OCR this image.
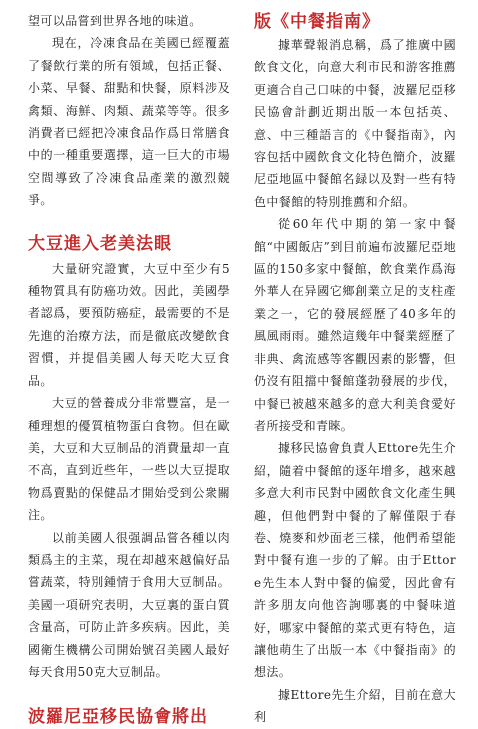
望可以品嘗到世界各地的味道。

現在，冷凍食品在美國已經覆蓋了餐飲行業的所有領域，包括正餐、小菜、早餐、甜點和快餐，原料涉及禽類、海鮮、肉類、蔬菜等等。很多消費者已經把冷凍食品作爲日常膳食中的一種重要選擇，這一巨大的市場空間導致了冷凍食品產業的激烈競爭。

大豆進入老美法眼

大量研究證實，大豆中至少有5種物質具有防癌功效。因此，美國學者認爲，要預防癌症，最需要的不是先進的治療方法，而是徹底改變飲食習慣，并提倡美國人每天吃大豆食品。

大豆的營養成分非常豐富，是一種理想的優質植物蛋白食物。但在歐美，大豆和大豆制品的消費量却一直不高，直到近些年，一些以大豆提取物爲賣點的保健品才開始受到公衆關注。

以前美國人很强調品嘗各種以肉類爲主的主菜，現在却越來越偏好品嘗蔬菜，特別鍾情于食用大豆制品。美國一項研究表明，大豆裏的蛋白質含量高，可防止許多疾病。因此，美國衛生機構公司開始號召美國人最好每天食用50克大豆制品。

波羅尼亞移民協會將出
版《中餐指南》

據華聲報消息稱，爲了推廣中國飲食文化，向意大利市民和游客推薦更適合自己口味的中餐，波羅尼亞移民協會計劃近期出版一本包括英、意、中三種語言的《中餐指南》，內容包括中國飲食文化特色簡介，波羅尼亞地區中餐館名録以及對一些有特色中餐館的特別推薦和介紹。

從60年代中期的第一家中餐館“中國飯店”到目前遍布波羅尼亞地區的150多家中餐館，飲食業作爲海外華人在异國它鄉創業立足的支柱產業之一，它的發展經歷了40多年的風風雨雨。雖然這幾年中餐業經歷了非典、禽流感等客觀因素的影響，但仍沒有阻擋中餐館蓬勃發展的步伐，中餐已被越來越多的意大利美食愛好者所接受和青睞。

據移民協會負責人Ettore先生介紹，隨着中餐館的逐年增多，越來越多意大利市民對中國飲食文化產生興趣，但他們對中餐的了解僅限于春卷、燒麥和炒面老三樣，他們希望能對中餐有進一步的了解。由于Ettore先生本人對中餐的偏愛，因此會有許多朋友向他咨詢哪裏的中餐味道好，哪家中餐館的菜式更有特色，這讓他萌生了出版一本《中餐指南》的想法。

據Ettore先生介紹，目前在意大利
